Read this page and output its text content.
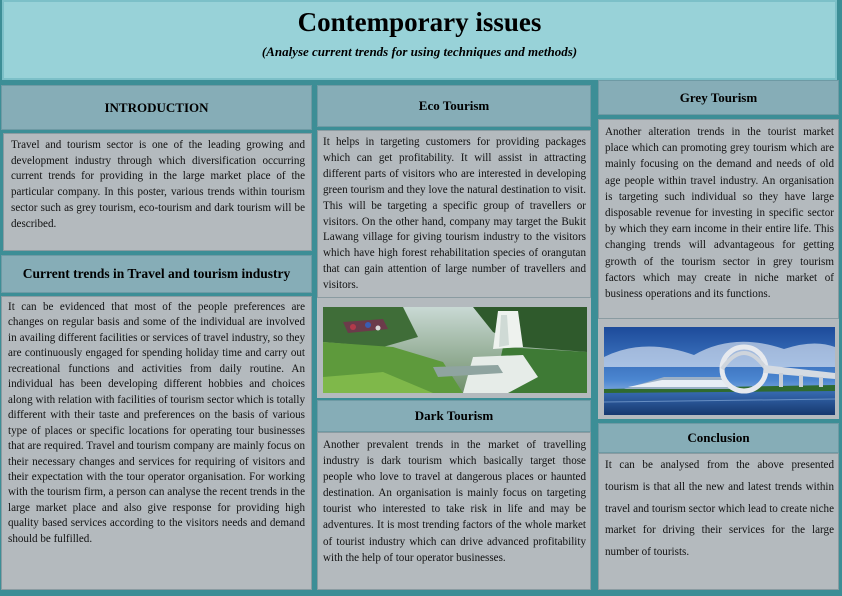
Contemporary issues
(Analyse current trends for using techniques and methods)
INTRODUCTION

Travel and tourism sector is one of the leading growing and development industry through which diversification occurring current trends for providing in the large market place of the particular company. In this poster, various trends within tourism sector such as grey tourism, eco-tourism and dark tourism will be described.

Current trends in Travel and tourism industry

It can be evidenced that most of the people preferences are changes on regular basis and some of the individual are involved in availing different facilities or services of travel industry, so they are continuously engaged for spending holiday time and carry out recreational functions and activities from daily routine. An individual has been developing different hobbies and choices along with relation with facilities of tourism sector which is totally different with their taste and preferences on the basis of various type of places or specific locations for operating tour businesses that are required. Travel and tourism company are mainly focus on their necessary changes and services for requiring of visitors and their expectation with the tour operator organisation. For working with the tourism firm, a person can analyse the recent trends in the large market place and also give response for providing high quality based services according to the visitors needs and demand should be fulfilled.

Eco Tourism

It helps in targeting customers for providing packages which can get profitability. It will assist in attracting different parts of visitors who are interested in developing green tourism and they love the natural destination to visit. This will be targeting a specific group of travellers or visitors. On the other hand, company may target the Bukit Lawang village for giving tourism industry to the visitors which have high forest rehabilitation species of orangutan that can gain attention of large number of travellers and visitors.

Dark Tourism

Another prevalent trends in the market of travelling industry is dark tourism which basically target those people who love to travel at dangerous places or haunted destination. An organisation is mainly focus on targeting tourist who interested to take risk in life and may be adventures. It is most trending factors of the whole market of tourist industry which can drive advanced profitability with the help of tour operator businesses.

Grey Tourism

Another alteration trends in the tourist market place which can promoting grey tourism which are mainly focusing on the demand and needs of old age people within travel industry. An organisation is targeting such individual so they have large disposable revenue for investing in specific sector by which they earn income in their entire life. This changing trends will advantageous for getting growth of the tourism sector in grey tourism factors which may create in niche market of business operations and its functions.

Conclusion

It can be analysed from the above presented tourism is that all the new and latest trends within travel and tourism sector which lead to create niche market for driving their services for the large number of tourists.
